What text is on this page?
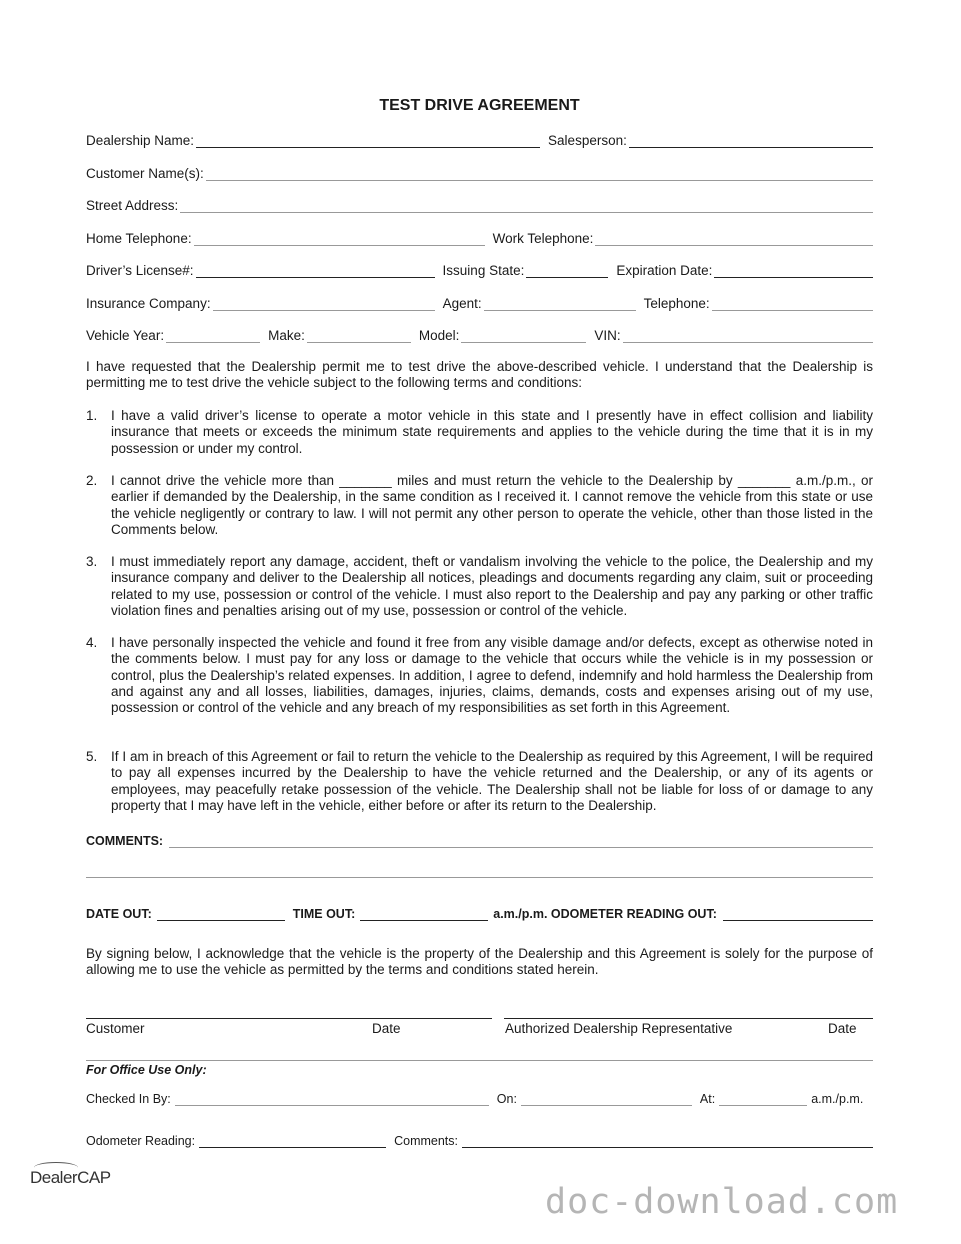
TEST DRIVE AGREEMENT
Dealership Name:	Salesperson:
Customer Name(s):
Street Address:
Home Telephone:	Work Telephone:
Driver’s License#:	Issuing State:	Expiration Date:
Insurance Company:	Agent:	Telephone:
Vehicle Year:	Make:	Model:	VIN:
I have requested that the Dealership permit me to test drive the above-described vehicle. I understand that the Dealership is permitting me to test drive the vehicle subject to the following terms and conditions:
1.	I have a valid driver’s license to operate a motor vehicle in this state and I presently have in effect collision and liability insurance that meets or exceeds the minimum state requirements and applies to the vehicle during the time that it is in my possession or under my control.
2.	I cannot drive the vehicle more than _______ miles and must return the vehicle to the Dealership by _______ a.m./p.m., or earlier if demanded by the Dealership, in the same condition as I received it. I cannot remove the vehicle from this state or use the vehicle negligently or contrary to law. I will not permit any other person to operate the vehicle, other than those listed in the Comments below.
3.	I must immediately report any damage, accident, theft or vandalism involving the vehicle to the police, the Dealership and my insurance company and deliver to the Dealership all notices, pleadings and documents regarding any claim, suit or proceeding related to my use, possession or control of the vehicle. I must also report to the Dealership and pay any parking or other traffic violation fines and penalties arising out of my use, possession or control of the vehicle.
4.	I have personally inspected the vehicle and found it free from any visible damage and/or defects, except as otherwise noted in the comments below. I must pay for any loss or damage to the vehicle that occurs while the vehicle is in my possession or control, plus the Dealership’s related expenses. In addition, I agree to defend, indemnify and hold harmless the Dealership from and against any and all losses, liabilities, damages, injuries, claims, demands, costs and expenses arising out of my use, possession or control of the vehicle and any breach of my responsibilities as set forth in this Agreement.
5.	If I am in breach of this Agreement or fail to return the vehicle to the Dealership as required by this Agreement, I will be required to pay all expenses incurred by the Dealership to have the vehicle returned and the Dealership, or any of its agents or employees, may peacefully retake possession of the vehicle. The Dealership shall not be liable for loss of or damage to any property that I may have left in the vehicle, either before or after its return to the Dealership.
COMMENTS:
DATE OUT:	TIME OUT:	a.m./p.m. ODOMETER READING OUT:
By signing below, I acknowledge that the vehicle is the property of the Dealership and this Agreement is solely for the purpose of allowing me to use the vehicle as permitted by the terms and conditions stated herein.
Customer	Date	Authorized Dealership Representative	Date
For Office Use Only:
Checked In By:	On:	At:	a.m./p.m.
Odometer Reading:	Comments:
DealerCAP
doc-download.com
